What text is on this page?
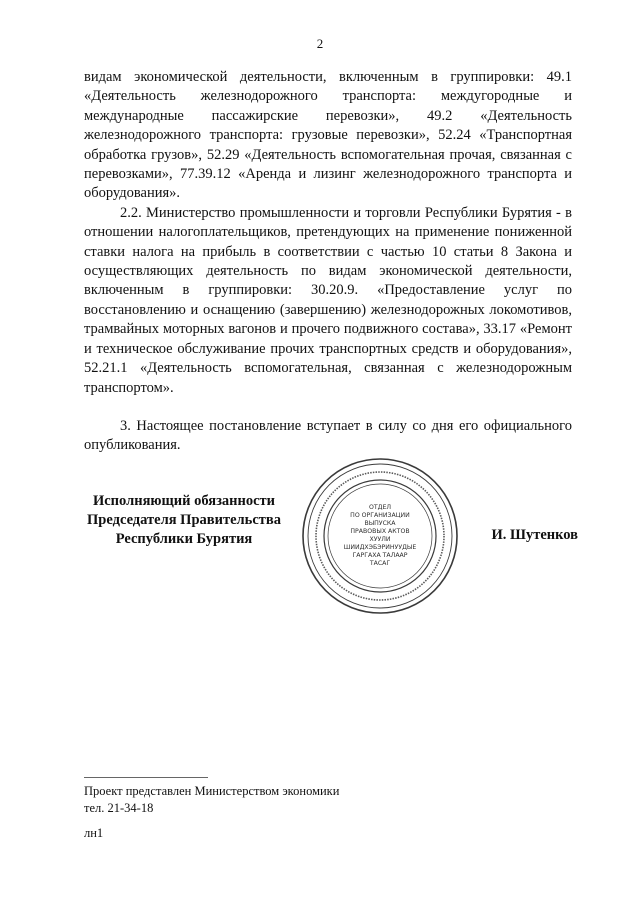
2

видам экономической деятельности, включенным в группировки: 49.1 «Деятельность железнодорожного транспорта: междугородные и международные пассажирские перевозки», 49.2 «Деятельность железнодорожного транспорта: грузовые перевозки», 52.24 «Транспортная обработка грузов», 52.29 «Деятельность вспомогательная прочая, связанная с перевозками», 77.39.12 «Аренда и лизинг железнодорожного транспорта и оборудования».

2.2. Министерство промышленности и торговли Республики Бурятия - в отношении налогоплательщиков, претендующих на применение пониженной ставки налога на прибыль в соответствии с частью 10 статьи 8 Закона и осуществляющих деятельность по видам экономической деятельности, включенным в группировки: 30.20.9. «Предоставление услуг по восстановлению и оснащению (завершению) железнодорожных локомотивов, трамвайных моторных вагонов и прочего подвижного состава», 33.17 «Ремонт и техническое обслуживание прочих транспортных средств и оборудования», 52.21.1 «Деятельность вспомогательная, связанная с железнодорожным транспортом».

3. Настоящее постановление вступает в силу со дня его официального опубликования.

Исполняющий обязанности
Председателя Правительства
Республики Бурятия
ОТДЕЛ
ПО ОРГАНИЗАЦИИ
ВЫПУСКА
ПРАВОВЫХ АКТОВ
ХУУЛИ
ШИИДХЭБЭРИНУУДЫЕ
ГАРГАХА ТАЛААР
ТАСАГ
И. Шутенков
Проект представлен Министерством экономики
тел. 21-34-18
лн1
